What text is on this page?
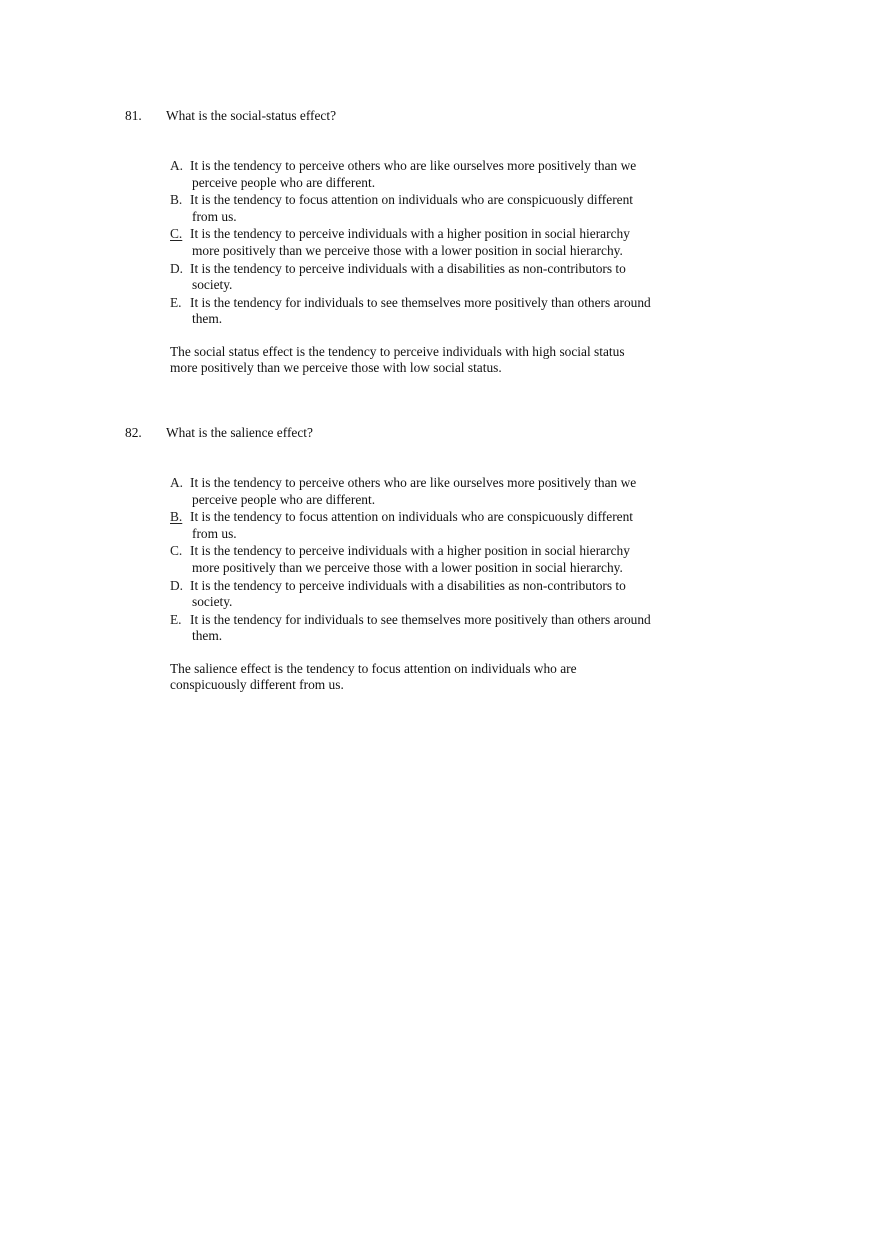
81.	What is the social-status effect?
A. It is the tendency to perceive others who are like ourselves more positively than we perceive people who are different.
B. It is the tendency to focus attention on individuals who are conspicuously different from us.
C. It is the tendency to perceive individuals with a higher position in social hierarchy more positively than we perceive those with a lower position in social hierarchy.
D. It is the tendency to perceive individuals with a disabilities as non-contributors to society.
E. It is the tendency for individuals to see themselves more positively than others around them.
The social status effect is the tendency to perceive individuals with high social status more positively than we perceive those with low social status.
82.	What is the salience effect?
A. It is the tendency to perceive others who are like ourselves more positively than we perceive people who are different.
B. It is the tendency to focus attention on individuals who are conspicuously different from us.
C. It is the tendency to perceive individuals with a higher position in social hierarchy more positively than we perceive those with a lower position in social hierarchy.
D. It is the tendency to perceive individuals with a disabilities as non-contributors to society.
E. It is the tendency for individuals to see themselves more positively than others around them.
The salience effect is the tendency to focus attention on individuals who are conspicuously different from us.
